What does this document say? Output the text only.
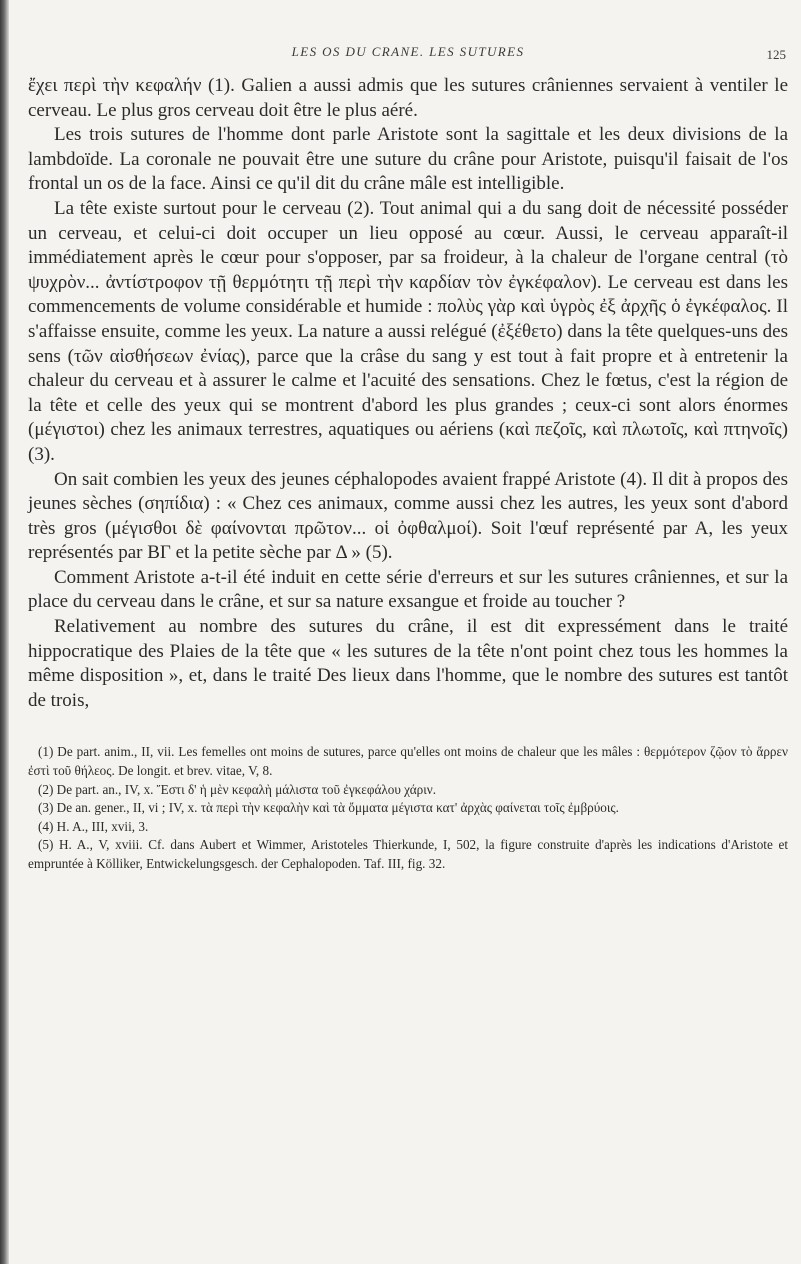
LES OS DU CRANE. LES SUTURES	125

ἔχει περὶ τὴν κεφαλήν (1). Galien a aussi admis que les sutures crâniennes servaient à ventiler le cerveau. Le plus gros cerveau doit être le plus aéré.

Les trois sutures de l'homme dont parle Aristote sont la sagittale et les deux divisions de la lambdoïde. La coronale ne pouvait être une suture du crâne pour Aristote, puisqu'il faisait de l'os frontal un os de la face. Ainsi ce qu'il dit du crâne mâle est intelligible.

La tête existe surtout pour le cerveau (2). Tout animal qui a du sang doit de nécessité posséder un cerveau, et celui-ci doit occuper un lieu opposé au cœur. Aussi, le cerveau apparaît-il immédiatement après le cœur pour s'opposer, par sa froideur, à la chaleur de l'organe central (τὸ ψυχρὸν... ἀντίστροφον τῇ θερμότητι τῇ περὶ τὴν καρδίαν τὸν ἐγκέφαλον). Le cerveau est dans les commencements de volume considérable et humide : πολὺς γὰρ καὶ ὑγρὸς ἐξ ἀρχῆς ὁ ἐγκέφαλος. Il s'affaisse ensuite, comme les yeux. La nature a aussi relégué (ἐξέθετο) dans la tête quelques-uns des sens (τῶν αἰσθήσεων ἐνίας), parce que la crâse du sang y est tout à fait propre et à entretenir la chaleur du cerveau et à assurer le calme et l'acuité des sensations. Chez le fœtus, c'est la région de la tête et celle des yeux qui se montrent d'abord les plus grandes ; ceux-ci sont alors énormes (μέγιστοι) chez les animaux terrestres, aquatiques ou aériens (καὶ πεζοῖς, καὶ πλωτοῖς, καὶ πτηνοῖς) (3).

On sait combien les yeux des jeunes céphalopodes avaient frappé Aristote (4). Il dit à propos des jeunes sèches (σηπίδια) : « Chez ces animaux, comme aussi chez les autres, les yeux sont d'abord très gros (μέγισθοι δὲ φαίνονται πρῶτον... οἱ ὀφθαλμοί). Soit l'œuf représenté par A, les yeux représentés par BΓ et la petite sèche par Δ » (5).

Comment Aristote a-t-il été induit en cette série d'erreurs et sur les sutures crâniennes, et sur la place du cerveau dans le crâne, et sur sa nature exsangue et froide au toucher ?

Relativement au nombre des sutures du crâne, il est dit expressément dans le traité hippocratique des Plaies de la tête que « les sutures de la tête n'ont point chez tous les hommes la même disposition », et, dans le traité Des lieux dans l'homme, que le nombre des sutures est tantôt de trois,

(1) De part. anim., II, vii. Les femelles ont moins de sutures, parce qu'elles ont moins de chaleur que les mâles : θερμότερον ζῷον τὸ ἄρρεν ἐστὶ τοῦ θήλεος. De longit. et brev. vitae, V, 8.

(2) De part. an., IV, x. Ἔστι δ' ἡ μὲν κεφαλὴ μάλιστα τοῦ ἐγκεφάλου χάριν.

(3) De an. gener., II, vi ; IV, x. τὰ περὶ τὴν κεφαλὴν καὶ τὰ ὄμματα μέγιστα κατ' ἀρχὰς φαίνεται τοῖς ἐμβρύοις.

(4) H. A., III, xvii, 3.

(5) H. A., V, xviii. Cf. dans Aubert et Wimmer, Aristoteles Thierkunde, I, 502, la figure construite d'après les indications d'Aristote et empruntée à Kölliker, Entwickelungsgesch. der Cephalopoden. Taf. III, fig. 32.
